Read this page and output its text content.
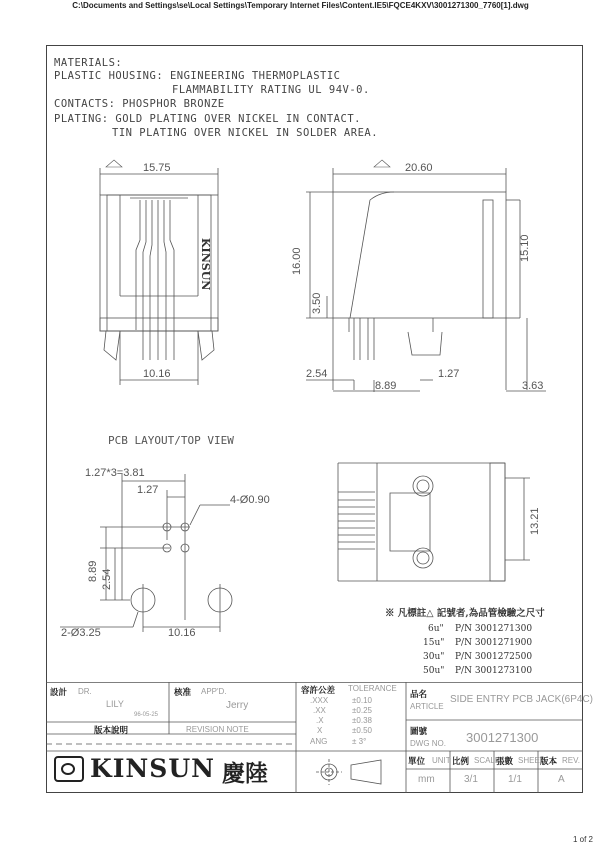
C:\Documents and Settings\se\Local Settings\Temporary Internet Files\Content.IE5\FQCE4KXV\3001271300_7760[1].dwg
MATERIALS:
PLASTIC HOUSING: ENGINEERING THERMOPLASTIC
FLAMMABILITY RATING UL 94V-0.
CONTACTS: PHOSPHOR BRONZE
PLATING: GOLD PLATING OVER NICKEL IN CONTACT.
TIN PLATING OVER NICKEL IN SOLDER AREA.
15.75
10.16
KINSUN
20.60
16.00
3.50
15.10
2.54
8.89
1.27
3.63
PCB LAYOUT/TOP VIEW
1.27*3=3.81
1.27
4-Ø0.90
8.89 2.54
2-Ø3.25	10.16
13.21
※ 凡標註△ 記號者,為品管檢驗之尺寸
6u" P/N 3001271300
15u" P/N 3001271900
30u" P/N 3001272500
50u" P/N 3001273100
設計 DR.
LILY
96-05-25
核准 APP'D.
Jerry
版本說明	REVISION NOTE
容許公差 TOLERANCE
.XXX	±0.10
.XX	±0.25
.X	±0.38
X	±0.50
ANG	± 3°
品名
ARTICLE
SIDE ENTRY PCB JACK(6P4C)
圖號
DWG NO. 3001271300
KINSUN 慶陸	單位 UNIT
mm
比例 SCALE
3/1
張數 SHEET
1/1
版本 REV.
A
1 of 2
